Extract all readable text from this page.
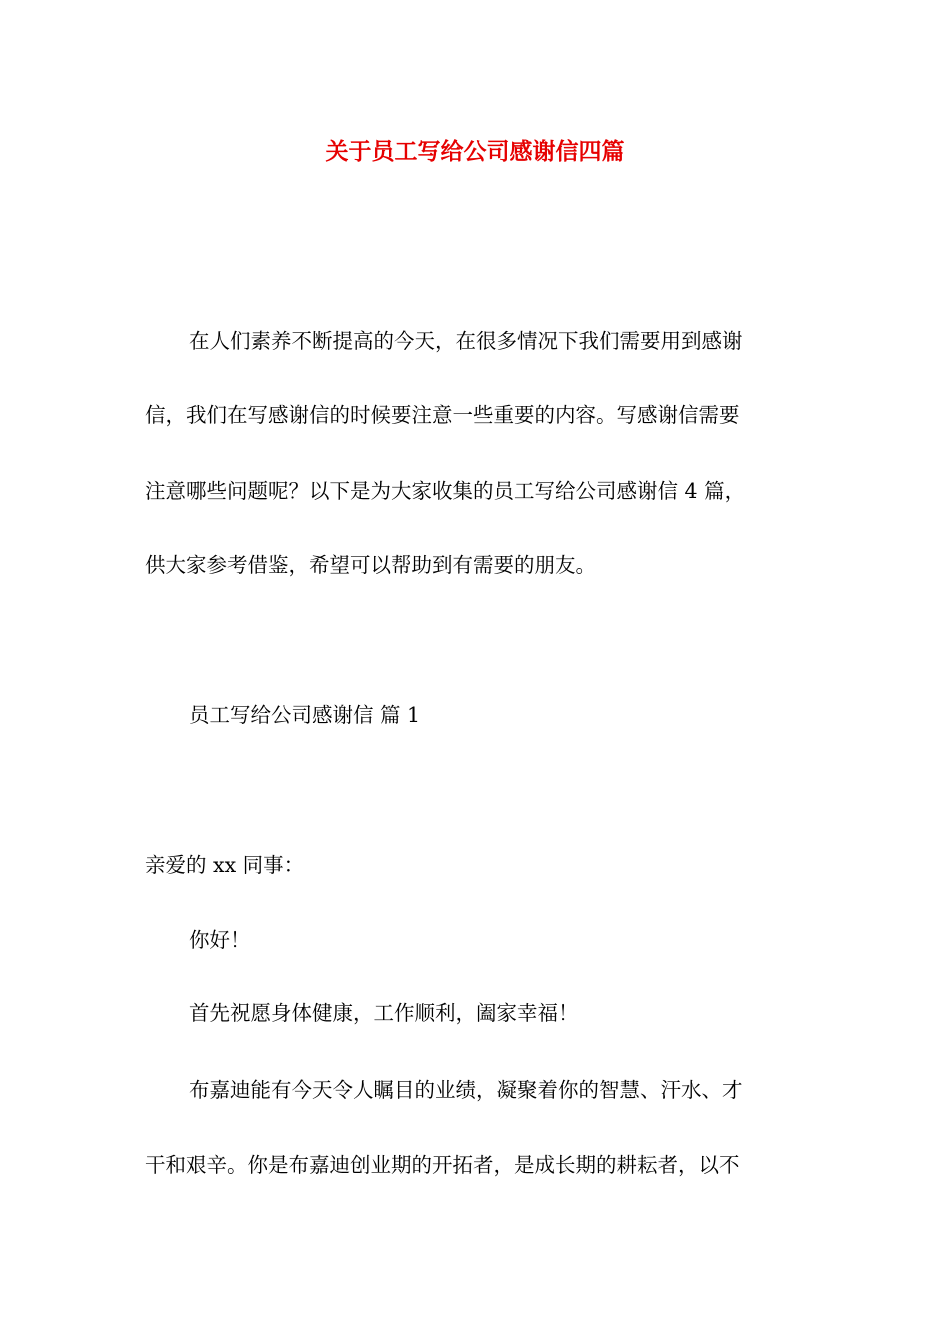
关于员工写给公司感谢信四篇
在人们素养不断提高的今天，在很多情况下我们需要用到感谢
信，我们在写感谢信的时候要注意一些重要的内容。写感谢信需要
注意哪些问题呢？以下是为大家收集的员工写给公司感谢信 4 篇，
供大家参考借鉴，希望可以帮助到有需要的朋友。
员工写给公司感谢信 篇 1
亲爱的 xx 同事：
你好！
首先祝愿身体健康，工作顺利，阖家幸福！
布嘉迪能有今天令人瞩目的业绩，凝聚着你的智慧、汗水、才
干和艰辛。你是布嘉迪创业期的开拓者，是成长期的耕耘者，以不
